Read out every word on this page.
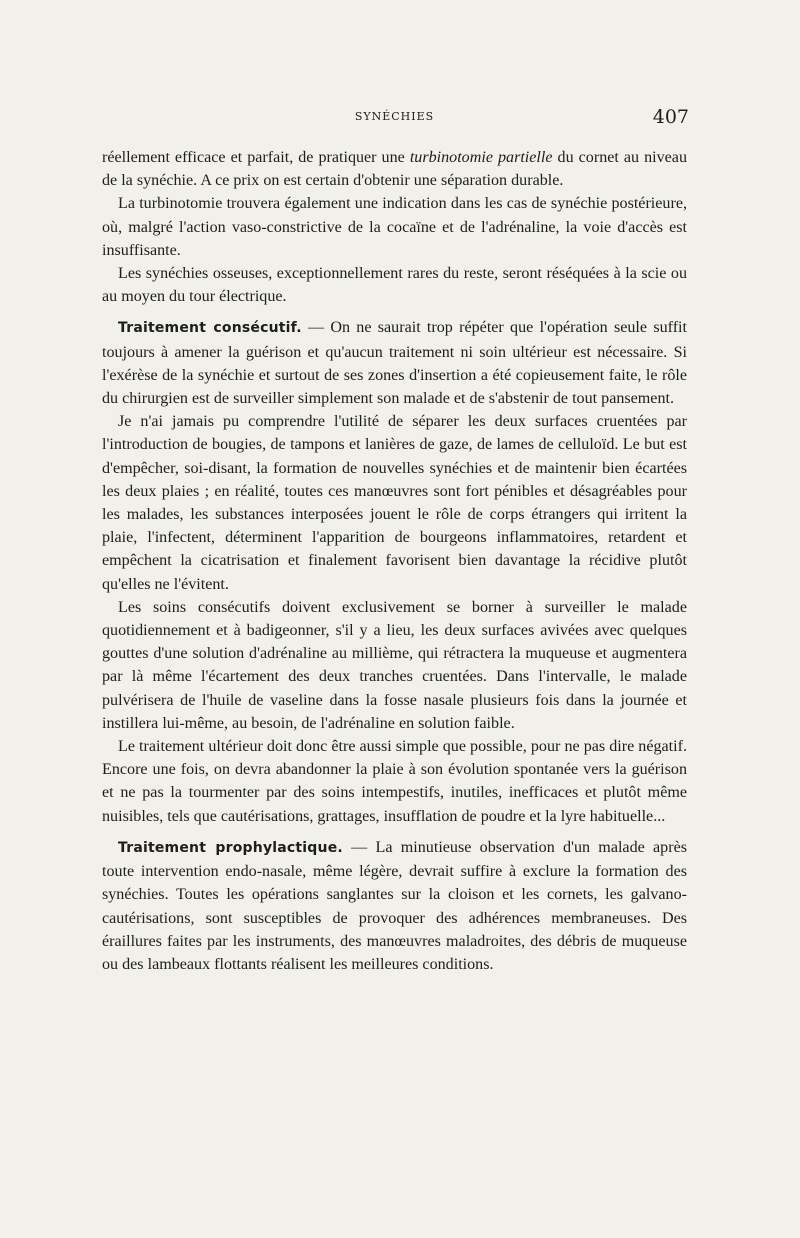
SYNÉCHIES	407

réellement efficace et parfait, de pratiquer une turbinotomie partielle du cornet au niveau de la synéchie. A ce prix on est certain d'obtenir une séparation durable.

La turbinotomie trouvera également une indication dans les cas de synéchie postérieure, où, malgré l'action vaso-constrictive de la cocaïne et de l'adrénaline, la voie d'accès est insuffisante.

Les synéchies osseuses, exceptionnellement rares du reste, seront réséquées à la scie ou au moyen du tour électrique.

Traitement consécutif. — On ne saurait trop répéter que l'opération seule suffit toujours à amener la guérison et qu'aucun traitement ni soin ultérieur est nécessaire. Si l'exérèse de la synéchie et surtout de ses zones d'insertion a été copieusement faite, le rôle du chirurgien est de surveiller simplement son malade et de s'abstenir de tout pansement.

Je n'ai jamais pu comprendre l'utilité de séparer les deux surfaces cruentées par l'introduction de bougies, de tampons et lanières de gaze, de lames de celluloïd. Le but est d'empêcher, soi-disant, la formation de nouvelles synéchies et de maintenir bien écartées les deux plaies ; en réalité, toutes ces manœuvres sont fort pénibles et désagréables pour les malades, les substances interposées jouent le rôle de corps étrangers qui irritent la plaie, l'infectent, déterminent l'apparition de bourgeons inflammatoires, retardent et empêchent la cicatrisation et finalement favorisent bien davantage la récidive plutôt qu'elles ne l'évitent.

Les soins consécutifs doivent exclusivement se borner à surveiller le malade quotidiennement et à badigeonner, s'il y a lieu, les deux surfaces avivées avec quelques gouttes d'une solution d'adrénaline au millième, qui rétractera la muqueuse et augmentera par là même l'écartement des deux tranches cruentées. Dans l'intervalle, le malade pulvérisera de l'huile de vaseline dans la fosse nasale plusieurs fois dans la journée et instillera lui-même, au besoin, de l'adrénaline en solution faible.

Le traitement ultérieur doit donc être aussi simple que possible, pour ne pas dire négatif. Encore une fois, on devra abandonner la plaie à son évolution spontanée vers la guérison et ne pas la tourmenter par des soins intempestifs, inutiles, inefficaces et plutôt même nuisibles, tels que cautérisations, grattages, insufflation de poudre et la lyre habituelle...

Traitement prophylactique. — La minutieuse observation d'un malade après toute intervention endo-nasale, même légère, devrait suffire à exclure la formation des synéchies. Toutes les opérations sanglantes sur la cloison et les cornets, les galvano-cautérisations, sont susceptibles de provoquer des adhérences membraneuses. Des éraillures faites par les instruments, des manœuvres maladroites, des débris de muqueuse ou des lambeaux flottants réalisent les meilleures conditions.
